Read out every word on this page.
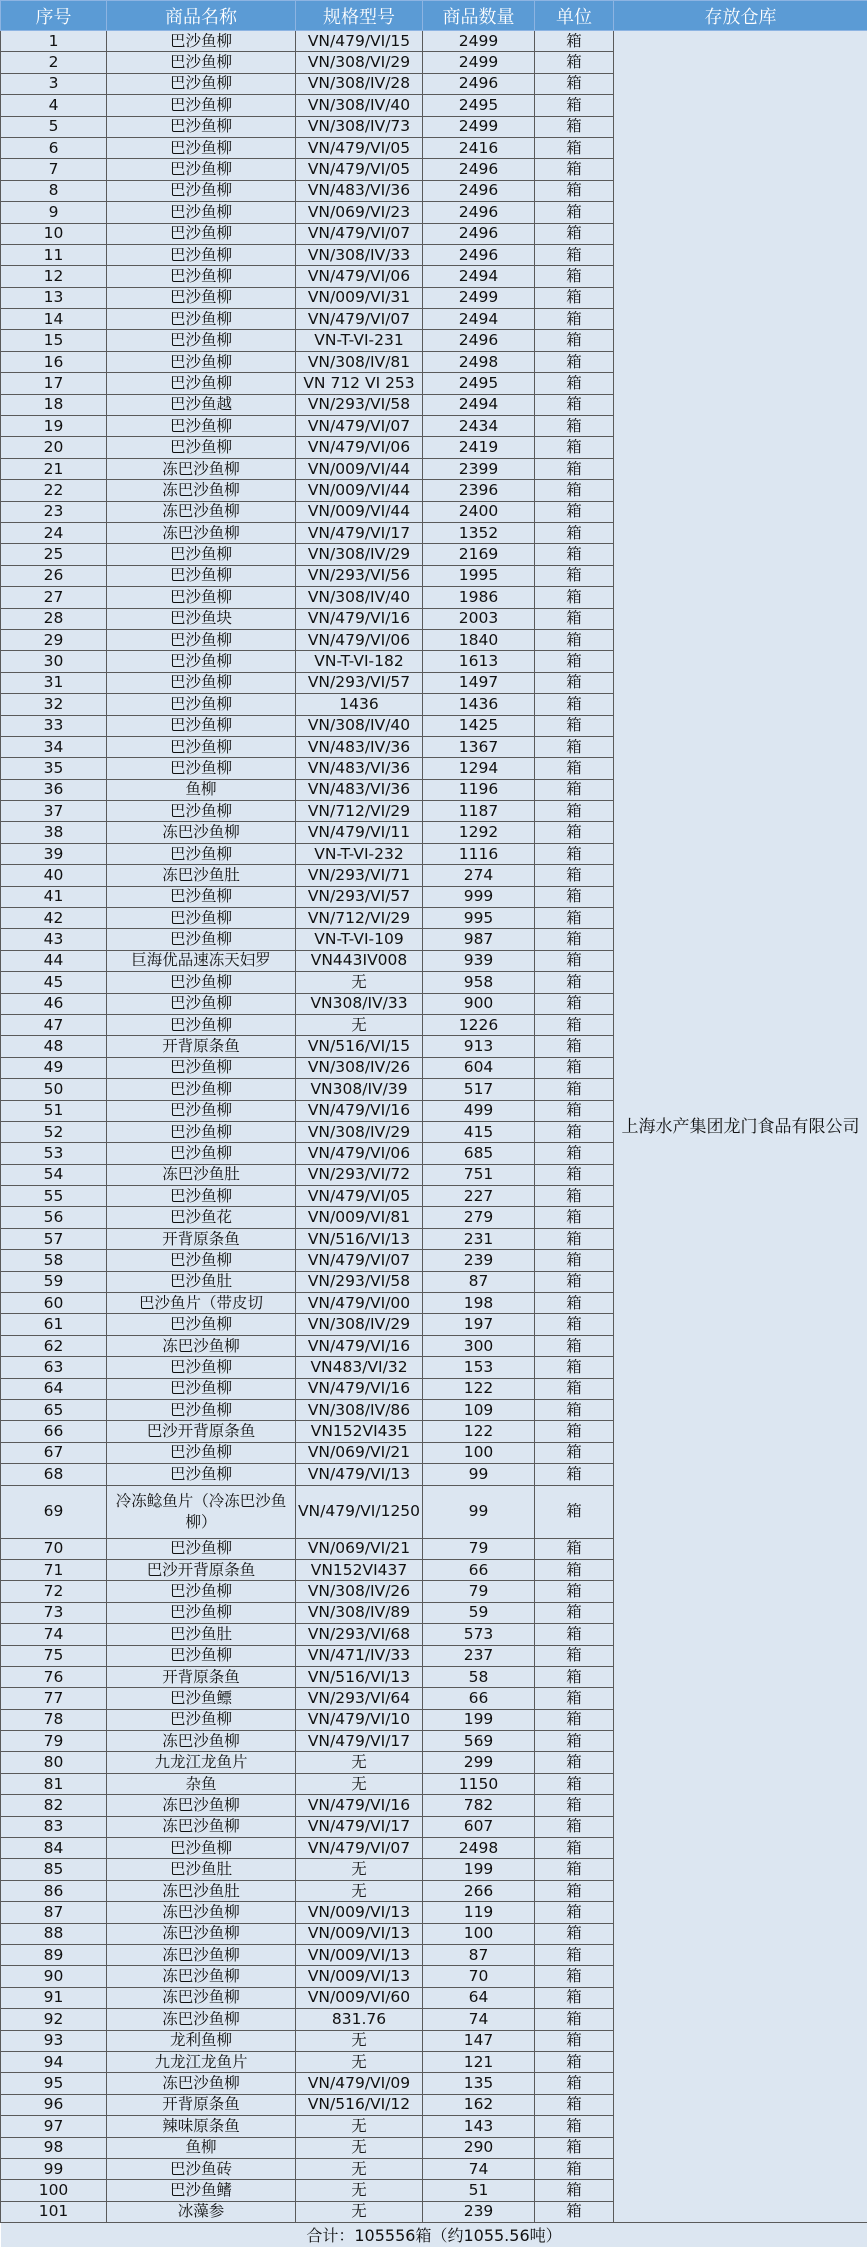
序号	商品名称	规格型号	商品数量	单位	存放仓库
1	巴沙鱼柳	VN/479/VI/15	2499	箱	上海水产集团龙门食品有限公司
2	巴沙鱼柳	VN/308/VI/29	2499	箱	
3	巴沙鱼柳	VN/308/IV/28	2496	箱	
4	巴沙鱼柳	VN/308/IV/40	2495	箱	
5	巴沙鱼柳	VN/308/IV/73	2499	箱	
6	巴沙鱼柳	VN/479/VI/05	2416	箱	
7	巴沙鱼柳	VN/479/VI/05	2496	箱	
8	巴沙鱼柳	VN/483/VI/36	2496	箱	
9	巴沙鱼柳	VN/069/VI/23	2496	箱	
10	巴沙鱼柳	VN/479/VI/07	2496	箱	
11	巴沙鱼柳	VN/308/IV/33	2496	箱	
12	巴沙鱼柳	VN/479/VI/06	2494	箱	
13	巴沙鱼柳	VN/009/VI/31	2499	箱	
14	巴沙鱼柳	VN/479/VI/07	2494	箱	
15	巴沙鱼柳	VN-T-VI-231	2496	箱	
16	巴沙鱼柳	VN/308/IV/81	2498	箱	
17	巴沙鱼柳	VN 712 VI 253	2495	箱	
18	巴沙鱼越	VN/293/VI/58	2494	箱	
19	巴沙鱼柳	VN/479/VI/07	2434	箱	
20	巴沙鱼柳	VN/479/VI/06	2419	箱	
21	冻巴沙鱼柳	VN/009/VI/44	2399	箱	
22	冻巴沙鱼柳	VN/009/VI/44	2396	箱	
23	冻巴沙鱼柳	VN/009/VI/44	2400	箱	
24	冻巴沙鱼柳	VN/479/VI/17	1352	箱	
25	巴沙鱼柳	VN/308/IV/29	2169	箱	
26	巴沙鱼柳	VN/293/VI/56	1995	箱	
27	巴沙鱼柳	VN/308/IV/40	1986	箱	
28	巴沙鱼块	VN/479/VI/16	2003	箱	
29	巴沙鱼柳	VN/479/VI/06	1840	箱	
30	巴沙鱼柳	VN-T-VI-182	1613	箱	
31	巴沙鱼柳	VN/293/VI/57	1497	箱	
32	巴沙鱼柳	1436	1436	箱	
33	巴沙鱼柳	VN/308/IV/40	1425	箱	
34	巴沙鱼柳	VN/483/IV/36	1367	箱	
35	巴沙鱼柳	VN/483/VI/36	1294	箱	
36	鱼柳	VN/483/VI/36	1196	箱	
37	巴沙鱼柳	VN/712/VI/29	1187	箱	
38	冻巴沙鱼柳	VN/479/VI/11	1292	箱	
39	巴沙鱼柳	VN-T-VI-232	1116	箱	
40	冻巴沙鱼肚	VN/293/VI/71	274	箱	
41	巴沙鱼柳	VN/293/VI/57	999	箱	
42	巴沙鱼柳	VN/712/VI/29	995	箱	
43	巴沙鱼柳	VN-T-VI-109	987	箱	
44	巨海优品速冻天妇罗	VN443IV008	939	箱	
45	巴沙鱼柳	无	958	箱	
46	巴沙鱼柳	VN308/IV/33	900	箱	
47	巴沙鱼柳	无	1226	箱	
48	开背原条鱼	VN/516/VI/15	913	箱	
49	巴沙鱼柳	VN/308/IV/26	604	箱	
50	巴沙鱼柳	VN308/IV/39	517	箱	
51	巴沙鱼柳	VN/479/VI/16	499	箱	
52	巴沙鱼柳	VN/308/IV/29	415	箱	
53	巴沙鱼柳	VN/479/VI/06	685	箱	
54	冻巴沙鱼肚	VN/293/VI/72	751	箱	
55	巴沙鱼柳	VN/479/VI/05	227	箱	
56	巴沙鱼花	VN/009/VI/81	279	箱	
57	开背原条鱼	VN/516/VI/13	231	箱	
58	巴沙鱼柳	VN/479/VI/07	239	箱	
59	巴沙鱼肚	VN/293/VI/58	87	箱	
60	巴沙鱼片（带皮切	VN/479/VI/00	198	箱	
61	巴沙鱼柳	VN/308/IV/29	197	箱	
62	冻巴沙鱼柳	VN/479/VI/16	300	箱	
63	巴沙鱼柳	VN483/VI/32	153	箱	
64	巴沙鱼柳	VN/479/VI/16	122	箱	
65	巴沙鱼柳	VN/308/IV/86	109	箱	
66	巴沙开背原条鱼	VN152VI435	122	箱	
67	巴沙鱼柳	VN/069/VI/21	100	箱	
68	巴沙鱼柳	VN/479/VI/13	99	箱	
69	冷冻鲶鱼片（冷冻巴沙鱼柳）	VN/479/VI/1250	99	箱	
70	巴沙鱼柳	VN/069/VI/21	79	箱	
71	巴沙开背原条鱼	VN152VI437	66	箱	
72	巴沙鱼柳	VN/308/IV/26	79	箱	
73	巴沙鱼柳	VN/308/IV/89	59	箱	
74	巴沙鱼肚	VN/293/VI/68	573	箱	
75	巴沙鱼柳	VN/471/IV/33	237	箱	
76	开背原条鱼	VN/516/VI/13	58	箱	
77	巴沙鱼鳔	VN/293/VI/64	66	箱	
78	巴沙鱼柳	VN/479/VI/10	199	箱	
79	冻巴沙鱼柳	VN/479/VI/17	569	箱	
80	九龙江龙鱼片	无	299	箱	
81	杂鱼	无	1150	箱	
82	冻巴沙鱼柳	VN/479/VI/16	782	箱	
83	冻巴沙鱼柳	VN/479/VI/17	607	箱	
84	巴沙鱼柳	VN/479/VI/07	2498	箱	
85	巴沙鱼肚	无	199	箱	
86	冻巴沙鱼肚	无	266	箱	
87	冻巴沙鱼柳	VN/009/VI/13	119	箱	
88	冻巴沙鱼柳	VN/009/VI/13	100	箱	
89	冻巴沙鱼柳	VN/009/VI/13	87	箱	
90	冻巴沙鱼柳	VN/009/VI/13	70	箱	
91	冻巴沙鱼柳	VN/009/VI/60	64	箱	
92	冻巴沙鱼柳	831.76	74	箱	
93	龙利鱼柳	无	147	箱	
94	九龙江龙鱼片	无	121	箱	
95	冻巴沙鱼柳	VN/479/VI/09	135	箱	
96	开背原条鱼	VN/516/VI/12	162	箱	
97	辣味原条鱼	无	143	箱	
98	鱼柳	无	290	箱	
99	巴沙鱼砖	无	74	箱	
100	巴沙鱼鳍	无	51	箱	
101	冰藻参	无	239	箱	
合计：105556箱（约1055.56吨）					
